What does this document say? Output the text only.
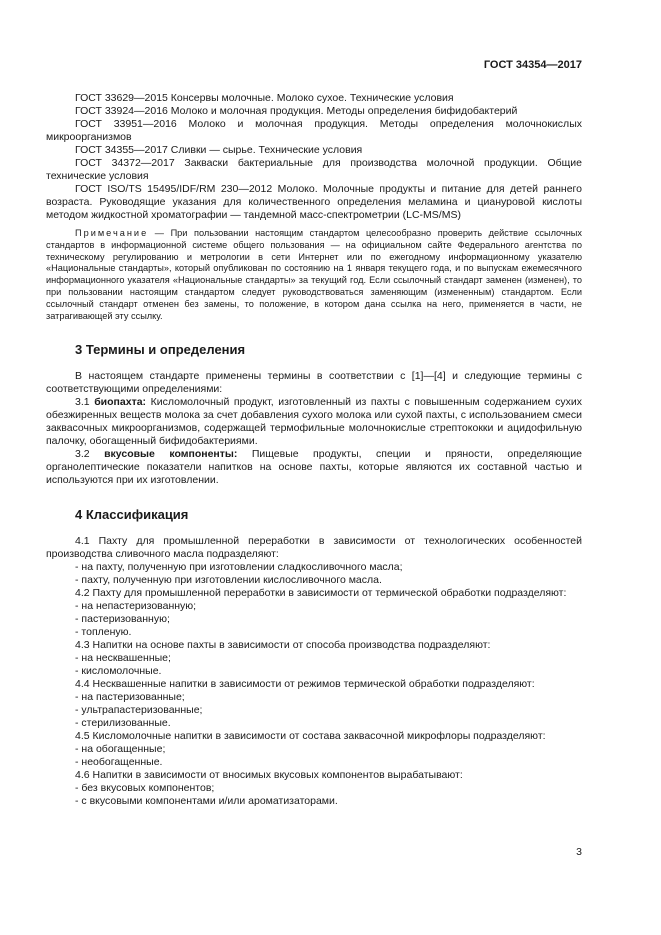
ГОСТ 34354—2017

ГОСТ 33629—2015 Консервы молочные. Молоко сухое. Технические условия

ГОСТ 33924—2016 Молоко и молочная продукция. Методы определения бифидобактерий

ГОСТ 33951—2016 Молоко и молочная продукция. Методы определения молочнокислых микроорганизмов

ГОСТ 34355—2017 Сливки — сырье. Технические условия

ГОСТ 34372—2017 Закваски бактериальные для производства молочной продукции. Общие технические условия

ГОСТ ISO/TS 15495/IDF/RM 230—2012 Молоко. Молочные продукты и питание для детей раннего возраста. Руководящие указания для количественного определения меламина и циануровой кислоты методом жидкостной хроматографии — тандемной масс-спектрометрии (LC-MS/MS)

Примечание — При пользовании настоящим стандартом целесообразно проверить действие ссылочных стандартов в информационной системе общего пользования — на официальном сайте Федерального агентства по техническому регулированию и метрологии в сети Интернет или по ежегодному информационному указателю «Национальные стандарты», который опубликован по состоянию на 1 января текущего года, и по выпускам ежемесячного информационного указателя «Национальные стандарты» за текущий год. Если ссылочный стандарт заменен (изменен), то при пользовании настоящим стандартом следует руководствоваться заменяющим (измененным) стандартом. Если ссылочный стандарт отменен без замены, то положение, в котором дана ссылка на него, применяется в части, не затрагивающей эту ссылку.

3 Термины и определения

В настоящем стандарте применены термины в соответствии с [1]—[4] и следующие термины с соответствующими определениями:

3.1 биопахта: Кисломолочный продукт, изготовленный из пахты с повышенным содержанием сухих обезжиренных веществ молока за счет добавления сухого молока или сухой пахты, с использованием смеси заквасочных микроорганизмов, содержащей термофильные молочнокислые стрептококки и ацидофильную палочку, обогащенный бифидобактериями.

3.2 вкусовые компоненты: Пищевые продукты, специи и пряности, определяющие органолептические показатели напитков на основе пахты, которые являются их составной частью и используются при их изготовлении.

4 Классификация

4.1 Пахту для промышленной переработки в зависимости от технологических особенностей производства сливочного масла подразделяют:

- на пахту, полученную при изготовлении сладкосливочного масла;
- пахту, полученную при изготовлении кислосливочного масла.

4.2 Пахту для промышленной переработки в зависимости от термической обработки подразделяют:

- на непастеризованную;
- пастеризованную;
- топленую.

4.3 Напитки на основе пахты в зависимости от способа производства подразделяют:

- на несквашенные;
- кисломолочные.

4.4 Несквашенные напитки в зависимости от режимов термической обработки подразделяют:

- на пастеризованные;
- ультрапастеризованные;
- стерилизованные.

4.5 Кисломолочные напитки в зависимости от состава заквасочной микрофлоры подразделяют:

- на обогащенные;
- необогащенные.

4.6 Напитки в зависимости от вносимых вкусовых компонентов вырабатывают:

- без вкусовых компонентов;
- с вкусовыми компонентами и/или ароматизаторами.
3
